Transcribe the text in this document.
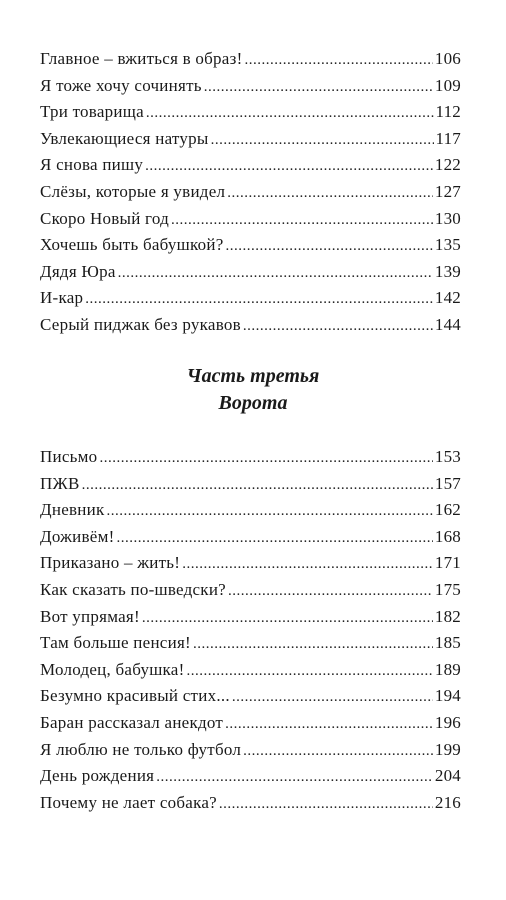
Главное – вжиться в образ! .....	106
Я тоже хочу сочинять .....	109
Три товарища .....	112
Увлекающиеся натуры .....	117
Я снова пишу .....	122
Слёзы, которые я увидел .....	127
Скоро Новый год .....	130
Хочешь быть бабушкой? .....	135
Дядя Юра .....	139
И-кар .....	142
Серый пиджак без рукавов .....	144
Часть третья
Ворота
Письмо .....	153
ПЖВ .....	157
Дневник .....	162
Доживём! .....	168
Приказано – жить! .....	171
Как сказать по-шведски? .....	175
Вот упрямая! .....	182
Там больше пенсия! .....	185
Молодец, бабушка! .....	189
Безумно красивый стих... .....	194
Баран рассказал анекдот .....	196
Я люблю не только футбол .....	199
День рождения .....	204
Почему не лает собака? .....	216
